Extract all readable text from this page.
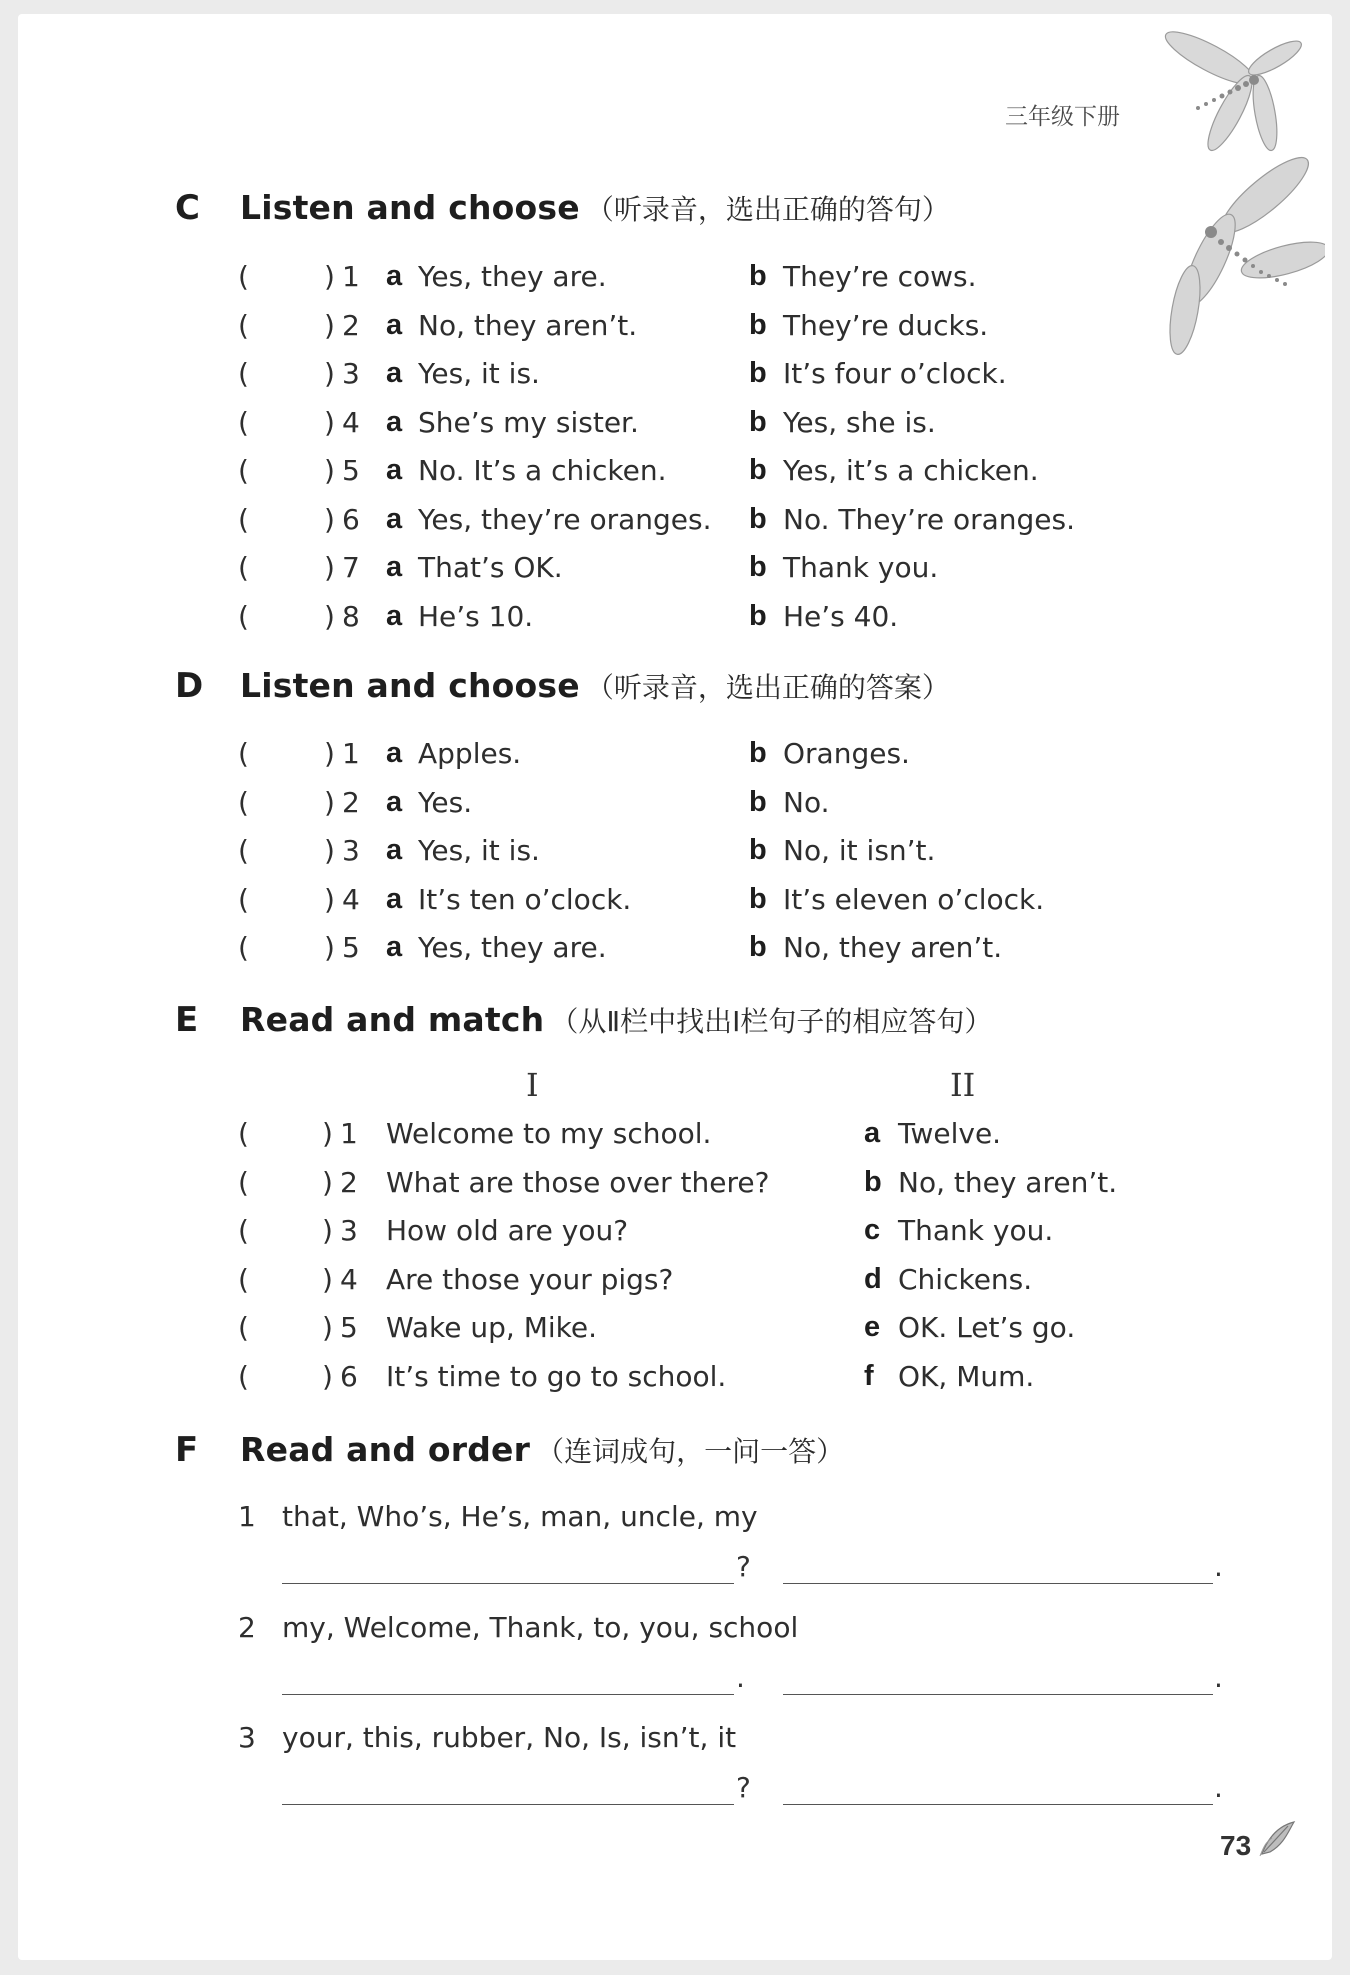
三年级下册
C Listen and choose （听录音，选出正确的答句）
(	) 1 a Yes, they are.	b They’re cows.
(	) 2 a No, they aren’t.	b They’re ducks.
(	) 3 a Yes, it is.	b It’s four o’clock.
(	) 4 a She’s my sister.	b Yes, she is.
(	) 5 a No. It’s a chicken.	b Yes, it’s a chicken.
(	) 6 a Yes, they’re oranges. b No. They’re oranges.
(	) 7 a That’s OK.	b Thank you.
(	) 8 a He’s 10.	b He’s 40.
D Listen and choose （听录音，选出正确的答案）
(	) 1 a Apples.	b Oranges.
(	) 2 a Yes.	b No.
(	) 3 a Yes, it is.	b No, it isn’t.
(	) 4 a It’s ten o’clock.	b It’s eleven o’clock.
(	) 5 a Yes, they are.	b No, they aren’t.
E Read and match （从Ⅱ栏中找出Ⅰ栏句子的相应答句）
I	II
(	) 1 Welcome to my school.	a Twelve.
(	) 2 What are those over there?	b No, they aren’t.
(	) 3 How old are you?	c Thank you.
(	) 4 Are those your pigs?	d Chickens.
(	) 5 Wake up, Mike.	e OK. Let’s go.
(	) 6 It’s time to go to school.	f OK, Mum.
F Read and order （连词成句，一问一答）
1 that, Who’s, He’s, man, uncle, my
?	.
2 my, Welcome, Thank, to, you, school
.	.
3 your, this, rubber, No, Is, isn’t, it
?	.
73
